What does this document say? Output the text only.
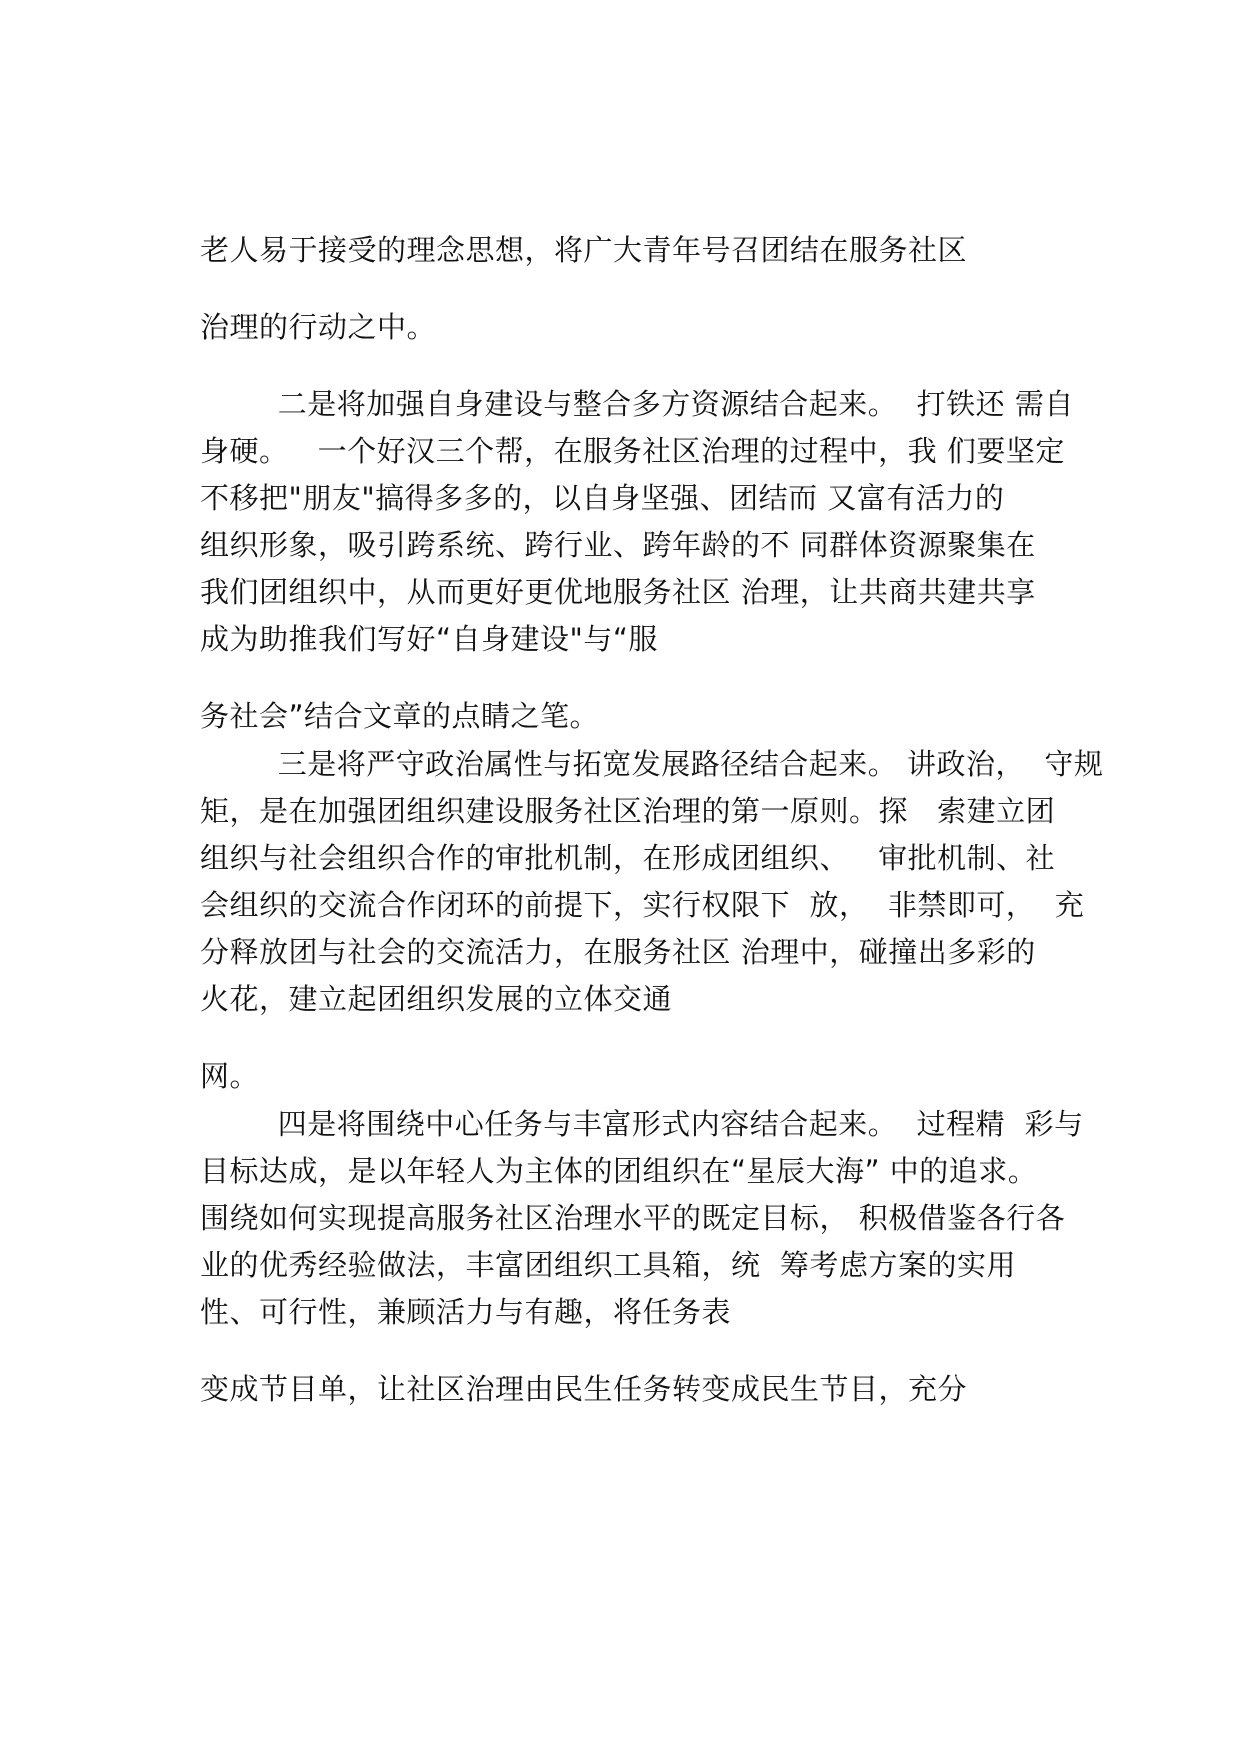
老人易于接受的理念思想，将广大青年号召团结在服务社区
治理的行动之中。
二是将加强自身建设与整合多方资源结合起来。  打铁还 需自
身硬。   一个好汉三个帮，在服务社区治理的过程中，我 们要坚定
不移把"朋友"搞得多多的，以自身坚强、团结而 又富有活力的
组织形象，吸引跨系统、跨行业、跨年龄的不 同群体资源聚集在
我们团组织中，从而更好更优地服务社区 治理，让共商共建共享
成为助推我们写好“自身建设"与“服
务社会”结合文章的点睛之笔。
三是将严守政治属性与拓宽发展路径结合起来。 讲政治，  守规
矩，是在加强团组织建设服务社区治理的第一原则。探   索建立团
组织与社会组织合作的审批机制，在形成团组织、   审批机制、社
会组织的交流合作闭环的前提下，实行权限下  放，  非禁即可，  充
分释放团与社会的交流活力，在服务社区 治理中，碰撞出多彩的
火花，建立起团组织发展的立体交通
网。
四是将围绕中心任务与丰富形式内容结合起来。  过程精  彩与
目标达成，是以年轻人为主体的团组织在“星辰大海” 中的追求。
围绕如何实现提高服务社区治理水平的既定目标， 积极借鉴各行各
业的优秀经验做法，丰富团组织工具箱，统  筹考虑方案的实用
性、可行性，兼顾活力与有趣，将任务表
变成节目单，让社区治理由民生任务转变成民生节目，充分
